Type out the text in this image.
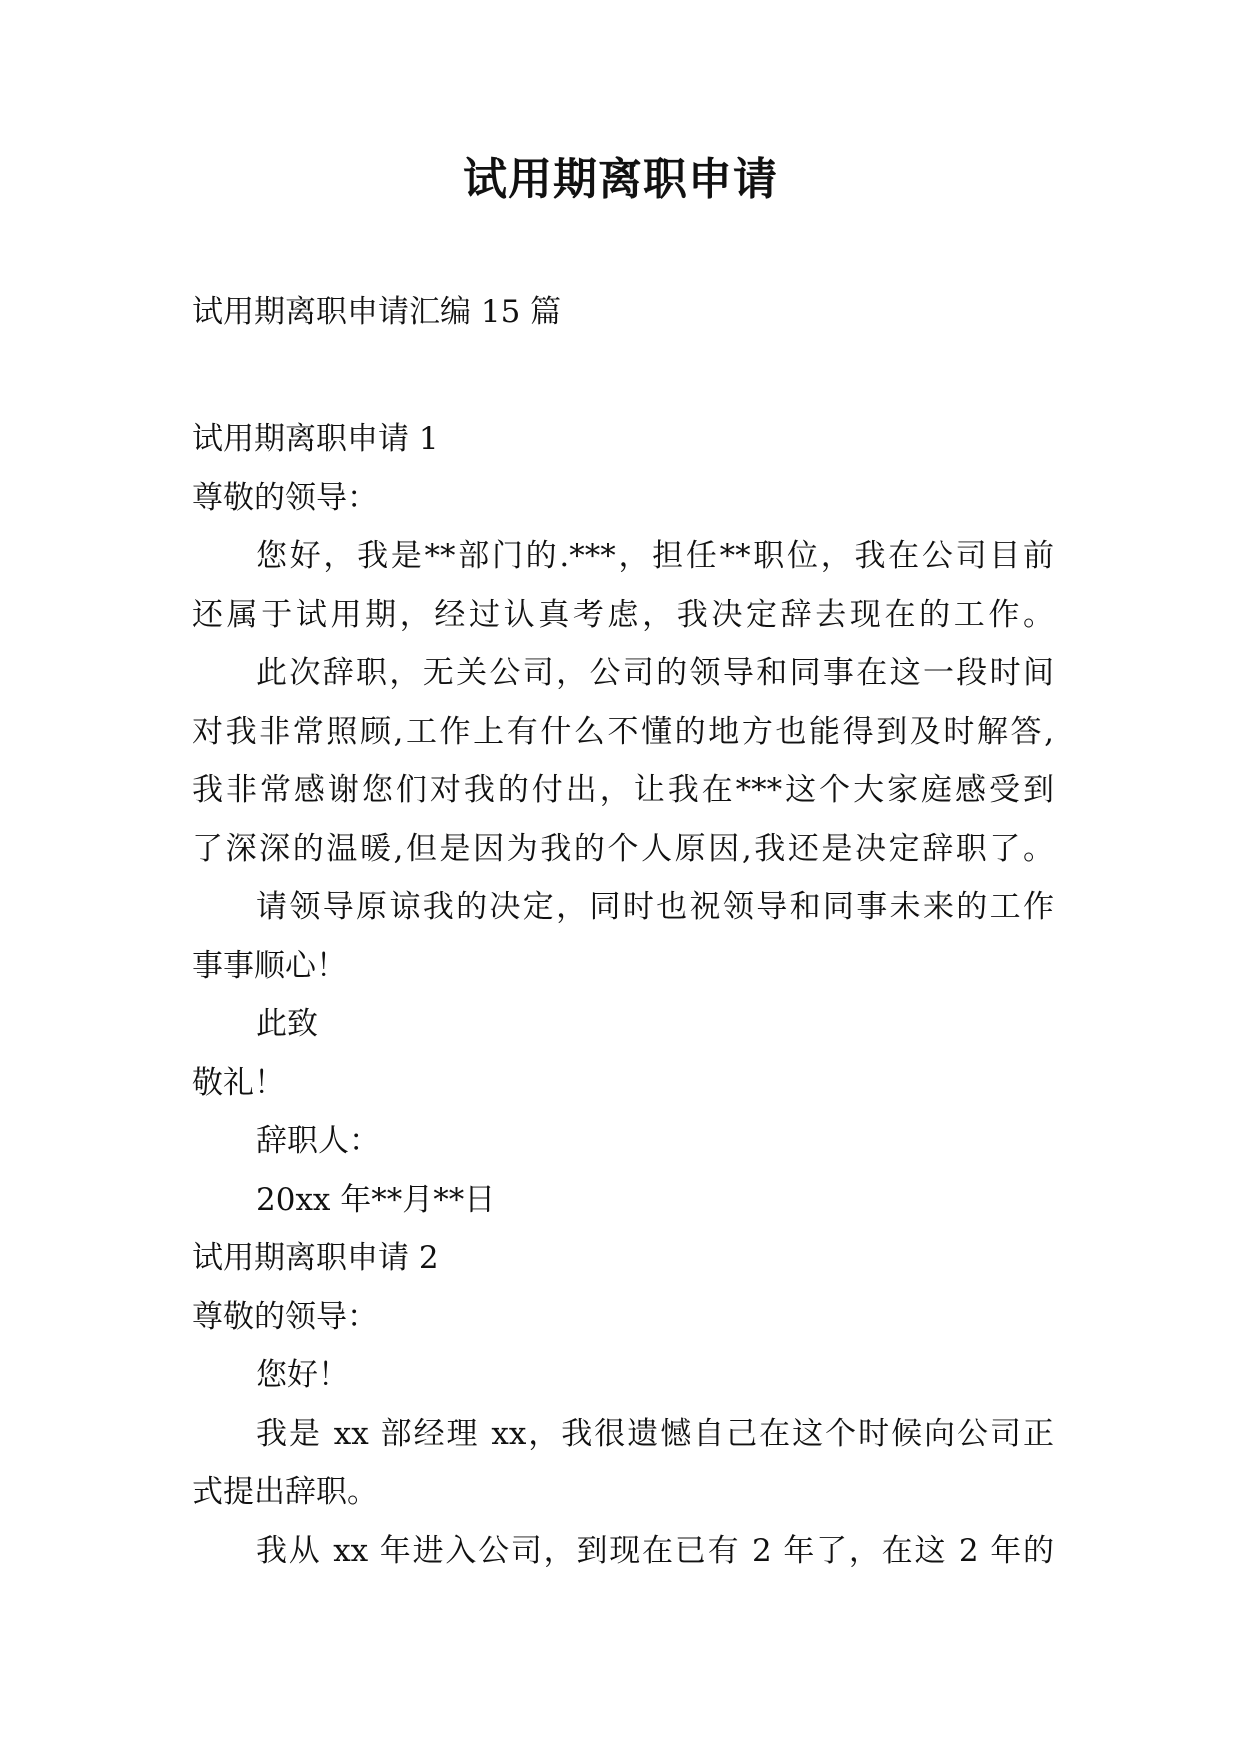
试用期离职申请

试用期离职申请汇编 15 篇

试用期离职申请 1

尊敬的领导：

您好，我是**部门的.***，担任**职位，我在公司目前

还属于试用期，经过认真考虑，我决定辞去现在的工作。

此次辞职，无关公司，公司的领导和同事在这一段时间

对我非常照顾,工作上有什么不懂的地方也能得到及时解答,

我非常感谢您们对我的付出，让我在***这个大家庭感受到

了深深的温暖,但是因为我的个人原因,我还是决定辞职了。

请领导原谅我的决定，同时也祝领导和同事未来的工作

事事顺心！

此致

敬礼！

辞职人：

20xx 年**月**日

试用期离职申请 2

尊敬的领导：

您好！

我是 xx 部经理 xx，我很遗憾自己在这个时候向公司正

式提出辞职。

我从 xx 年进入公司，到现在已有 2 年了，在这 2 年的
